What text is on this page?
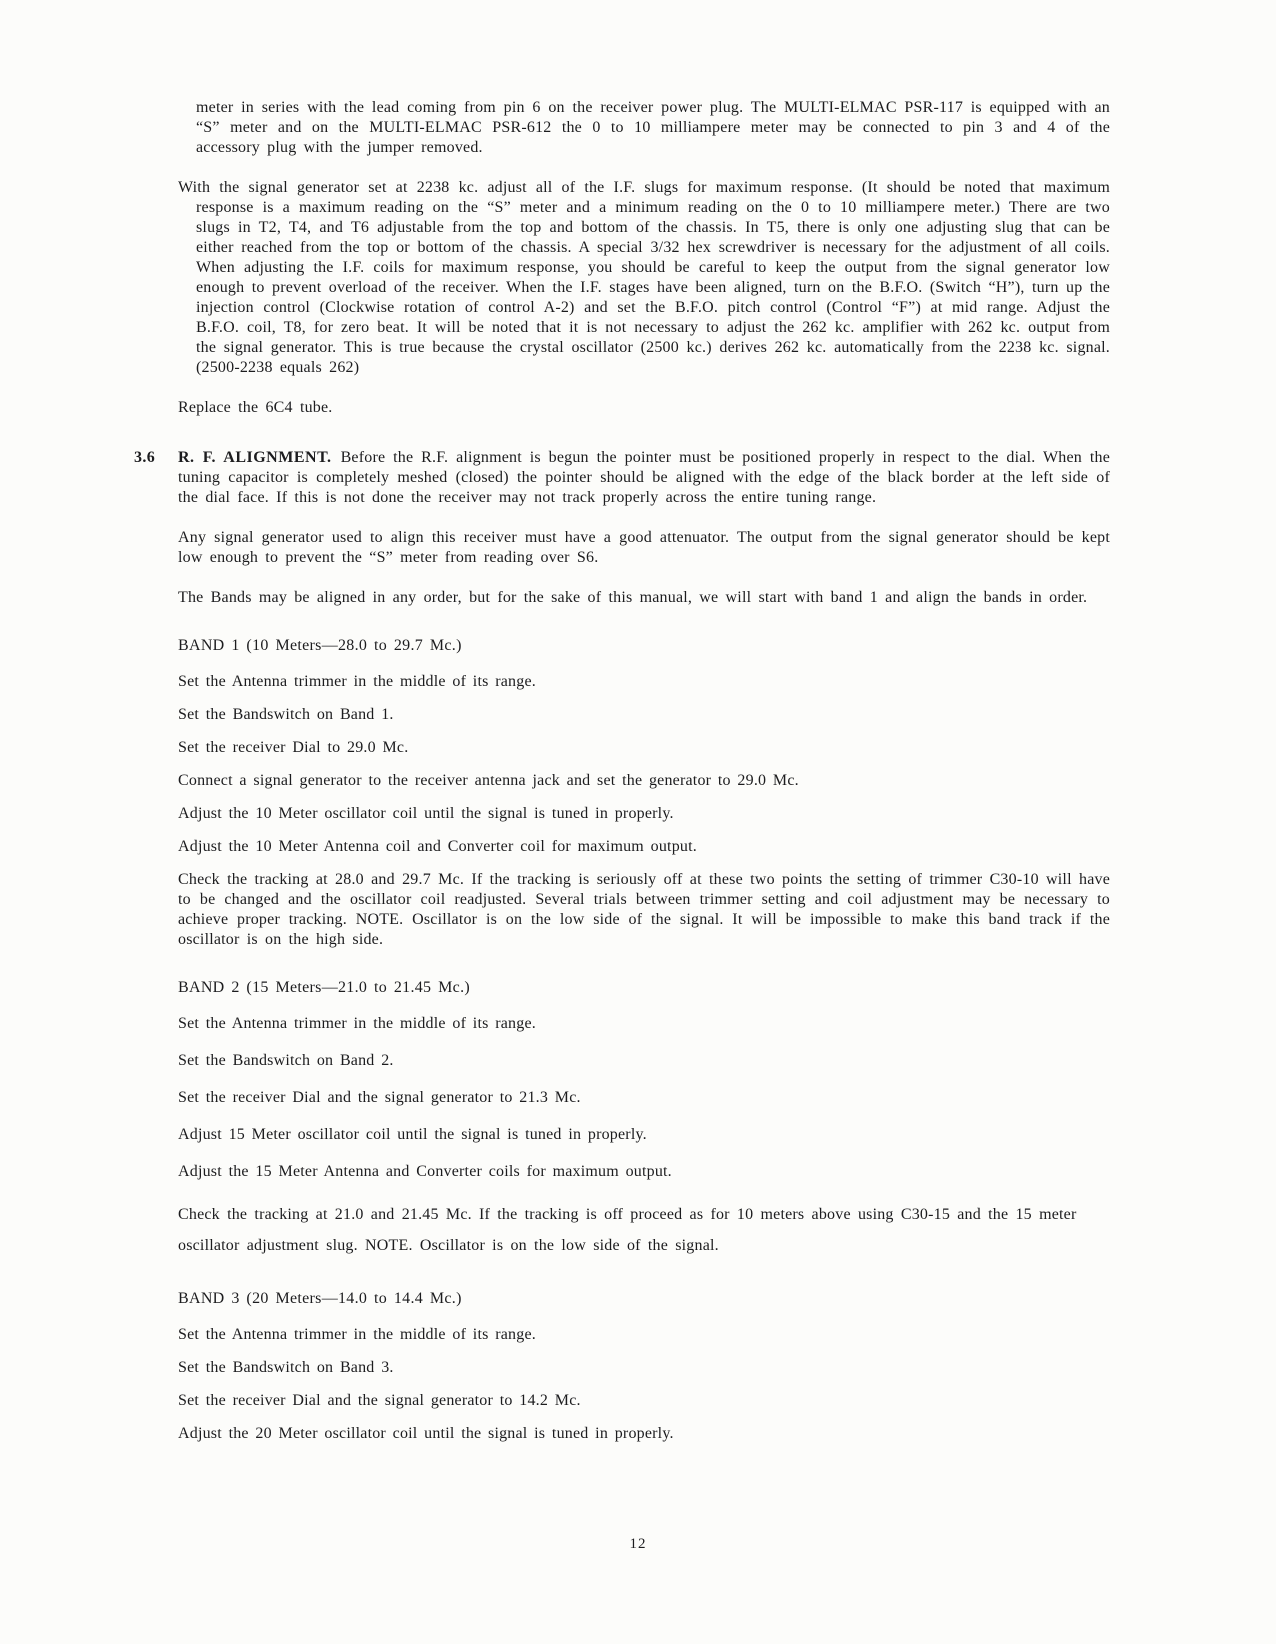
meter in series with the lead coming from pin 6 on the receiver power plug. The MULTI-ELMAC PSR-117 is equipped with an “S” meter and on the MULTI-ELMAC PSR-612 the 0 to 10 milliampere meter may be connected to pin 3 and 4 of the accessory plug with the jumper removed.

With the signal generator set at 2238 kc. adjust all of the I.F. slugs for maximum response. (It should be noted that maximum response is a maximum reading on the “S” meter and a minimum reading on the 0 to 10 milliampere meter.) There are two slugs in T2, T4, and T6 adjustable from the top and bottom of the chassis. In T5, there is only one adjusting slug that can be either reached from the top or bottom of the chassis. A special 3/32 hex screwdriver is necessary for the adjustment of all coils. When adjusting the I.F. coils for maximum response, you should be careful to keep the output from the signal generator low enough to prevent overload of the receiver. When the I.F. stages have been aligned, turn on the B.F.O. (Switch “H”), turn up the injection control (Clockwise rotation of control A-2) and set the B.F.O. pitch control (Control “F”) at mid range. Adjust the B.F.O. coil, T8, for zero beat. It will be noted that it is not necessary to adjust the 262 kc. amplifier with 262 kc. output from the signal generator. This is true because the crystal oscillator (2500 kc.) derives 262 kc. automatically from the 2238 kc. signal. (2500-2238 equals 262)

Replace the 6C4 tube.

3.6 R. F. ALIGNMENT. Before the R.F. alignment is begun the pointer must be positioned properly in respect to the dial. When the tuning capacitor is completely meshed (closed) the pointer should be aligned with the edge of the black border at the left side of the dial face. If this is not done the receiver may not track properly across the entire tuning range.

Any signal generator used to align this receiver must have a good attenuator. The output from the signal generator should be kept low enough to prevent the “S” meter from reading over S6.

The Bands may be aligned in any order, but for the sake of this manual, we will start with band 1 and align the bands in order.

BAND 1 (10 Meters—28.0 to 29.7 Mc.)

Set the Antenna trimmer in the middle of its range.

Set the Bandswitch on Band 1.

Set the receiver Dial to 29.0 Mc.

Connect a signal generator to the receiver antenna jack and set the generator to 29.0 Mc.

Adjust the 10 Meter oscillator coil until the signal is tuned in properly.

Adjust the 10 Meter Antenna coil and Converter coil for maximum output.

Check the tracking at 28.0 and 29.7 Mc. If the tracking is seriously off at these two points the setting of trimmer C30-10 will have to be changed and the oscillator coil readjusted. Several trials between trimmer setting and coil adjustment may be necessary to achieve proper tracking. NOTE. Oscillator is on the low side of the signal. It will be impossible to make this band track if the oscillator is on the high side.

BAND 2 (15 Meters—21.0 to 21.45 Mc.)

Set the Antenna trimmer in the middle of its range.

Set the Bandswitch on Band 2.

Set the receiver Dial and the signal generator to 21.3 Mc.

Adjust 15 Meter oscillator coil until the signal is tuned in properly.

Adjust the 15 Meter Antenna and Converter coils for maximum output.

Check the tracking at 21.0 and 21.45 Mc. If the tracking is off proceed as for 10 meters above using C30-15 and the 15 meter oscillator adjustment slug. NOTE. Oscillator is on the low side of the signal.

BAND 3 (20 Meters—14.0 to 14.4 Mc.)

Set the Antenna trimmer in the middle of its range.

Set the Bandswitch on Band 3.

Set the receiver Dial and the signal generator to 14.2 Mc.

Adjust the 20 Meter oscillator coil until the signal is tuned in properly.

12
